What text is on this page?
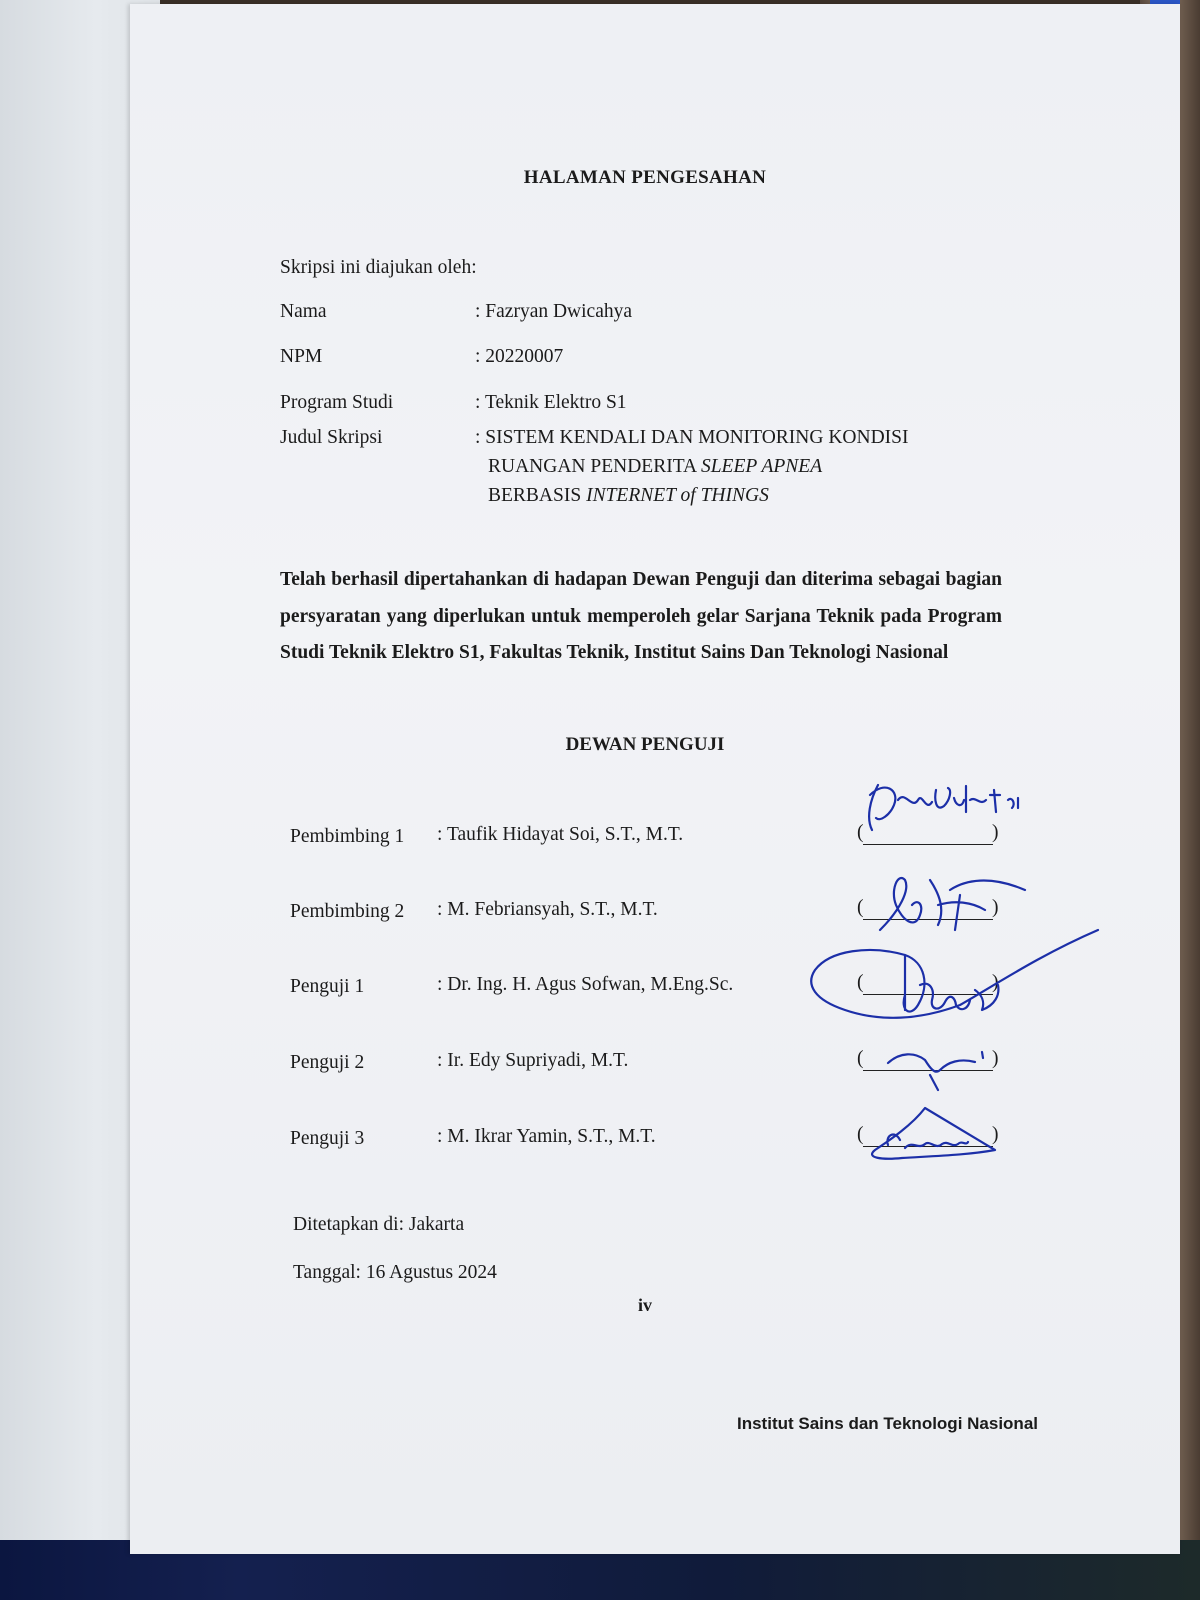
HALAMAN PENGESAHAN

Skripsi ini diajukan oleh:

Nama	: Fazryan Dwicahya

NPM	: 20220007

Program Studi	: Teknik Elektro S1

Judul Skripsi	: SISTEM KENDALI DAN MONITORING KONDISI

RUANGAN PENDERITA SLEEP APNEA

BERBASIS INTERNET of THINGS

Telah berhasil dipertahankan di hadapan Dewan Penguji dan diterima sebagai bagian persyaratan yang diperlukan untuk memperoleh gelar Sarjana Teknik pada Program Studi Teknik Elektro S1, Fakultas Teknik, Institut Sains Dan Teknologi Nasional

DEWAN PENGUJI

Pembimbing 1 : Taufik Hidayat Soi, S.T., M.T.	(	)

Pembimbing 2 : M. Febriansyah, S.T., M.T.	(	)

Penguji 1	: Dr. Ing. H. Agus Sofwan, M.Eng.Sc.	(	)

Penguji 2	: Ir. Edy Supriyadi, M.T.	(	)

Penguji 3	: M. Ikrar Yamin, S.T., M.T.	(	)

Ditetapkan di: Jakarta

Tanggal: 16 Agustus 2024

iv

Institut Sains dan Teknologi Nasional
